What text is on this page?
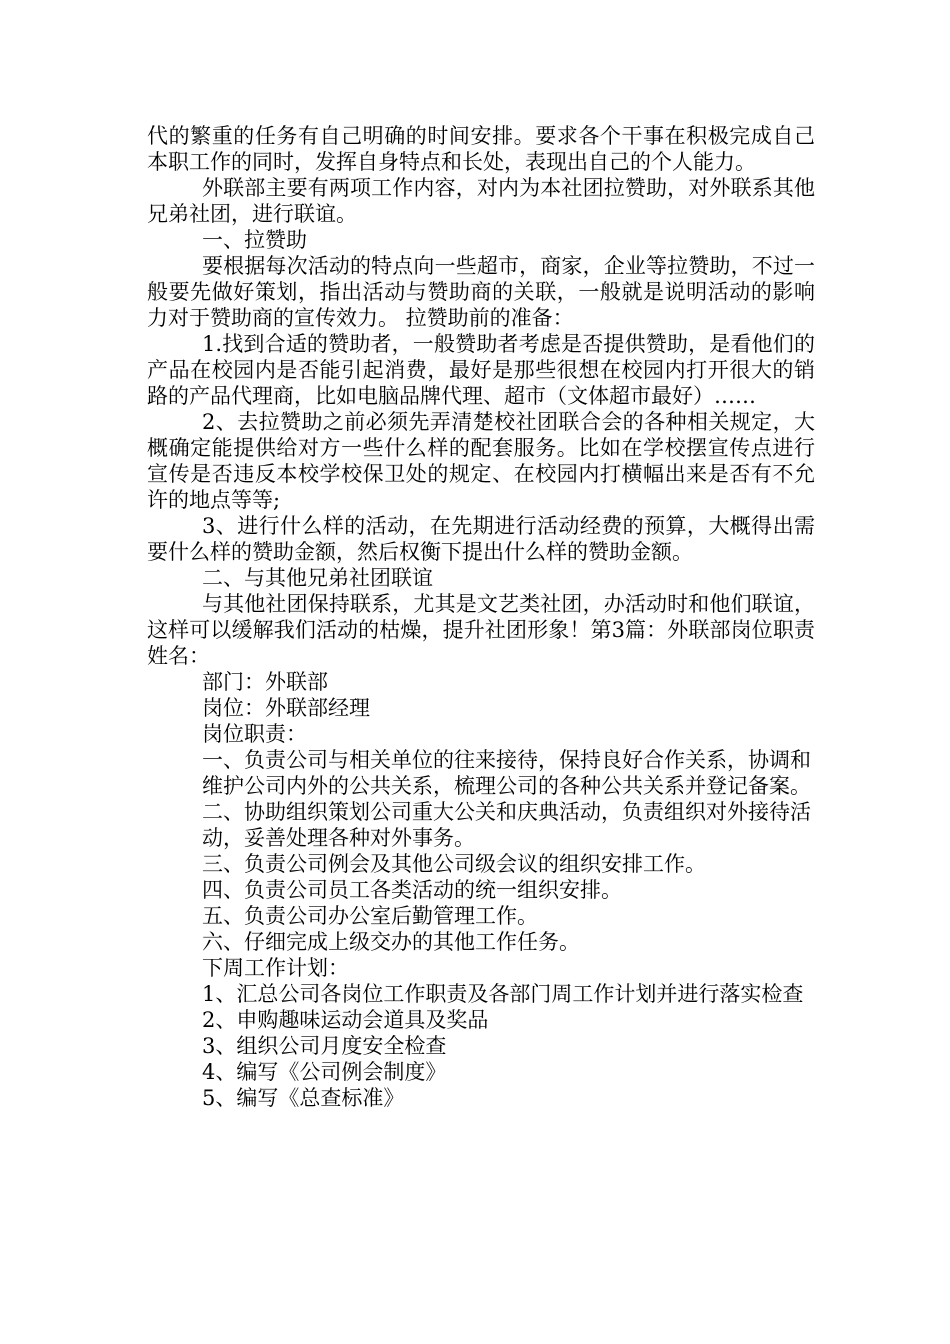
代的繁重的任务有自己明确的时间安排。要求各个干事在积极完成自己本职工作的同时，发挥自身特点和长处，表现出自己的个人能力。

外联部主要有两项工作内容，对内为本社团拉赞助，对外联系其他兄弟社团，进行联谊。

一、拉赞助

要根据每次活动的特点向一些超市，商家，企业等拉赞助，不过一般要先做好策划，指出活动与赞助商的关联，一般就是说明活动的影响力对于赞助商的宣传效力。 拉赞助前的准备：

1.找到合适的赞助者，一般赞助者考虑是否提供赞助，是看他们的产品在校园内是否能引起消费，最好是那些很想在校园内打开很大的销路的产品代理商，比如电脑品牌代理、超市（文体超市最好）……

2、去拉赞助之前必须先弄清楚校社团联合会的各种相关规定，大概确定能提供给对方一些什么样的配套服务。比如在学校摆宣传点进行宣传是否违反本校学校保卫处的规定、在校园内打横幅出来是否有不允许的地点等等;

3、进行什么样的活动，在先期进行活动经费的预算，大概得出需要什么样的赞助金额，然后权衡下提出什么样的赞助金额。

二、与其他兄弟社团联谊

与其他社团保持联系，尤其是文艺类社团，办活动时和他们联谊，这样可以缓解我们活动的枯燥，提升社团形象！第3篇：外联部岗位职责姓名：

部门：外联部

岗位：外联部经理

岗位职责：

一、负责公司与相关单位的往来接待，保持良好合作关系，协调和

维护公司内外的公共关系，梳理公司的各种公共关系并登记备案。

二、协助组织策划公司重大公关和庆典活动，负责组织对外接待活

动，妥善处理各种对外事务。

三、负责公司例会及其他公司级会议的组织安排工作。

四、负责公司员工各类活动的统一组织安排。

五、负责公司办公室后勤管理工作。

六、仔细完成上级交办的其他工作任务。

下周工作计划：

1、汇总公司各岗位工作职责及各部门周工作计划并进行落实检查

2、申购趣味运动会道具及奖品

3、组织公司月度安全检查

4、编写《公司例会制度》

5、编写《总查标准》
